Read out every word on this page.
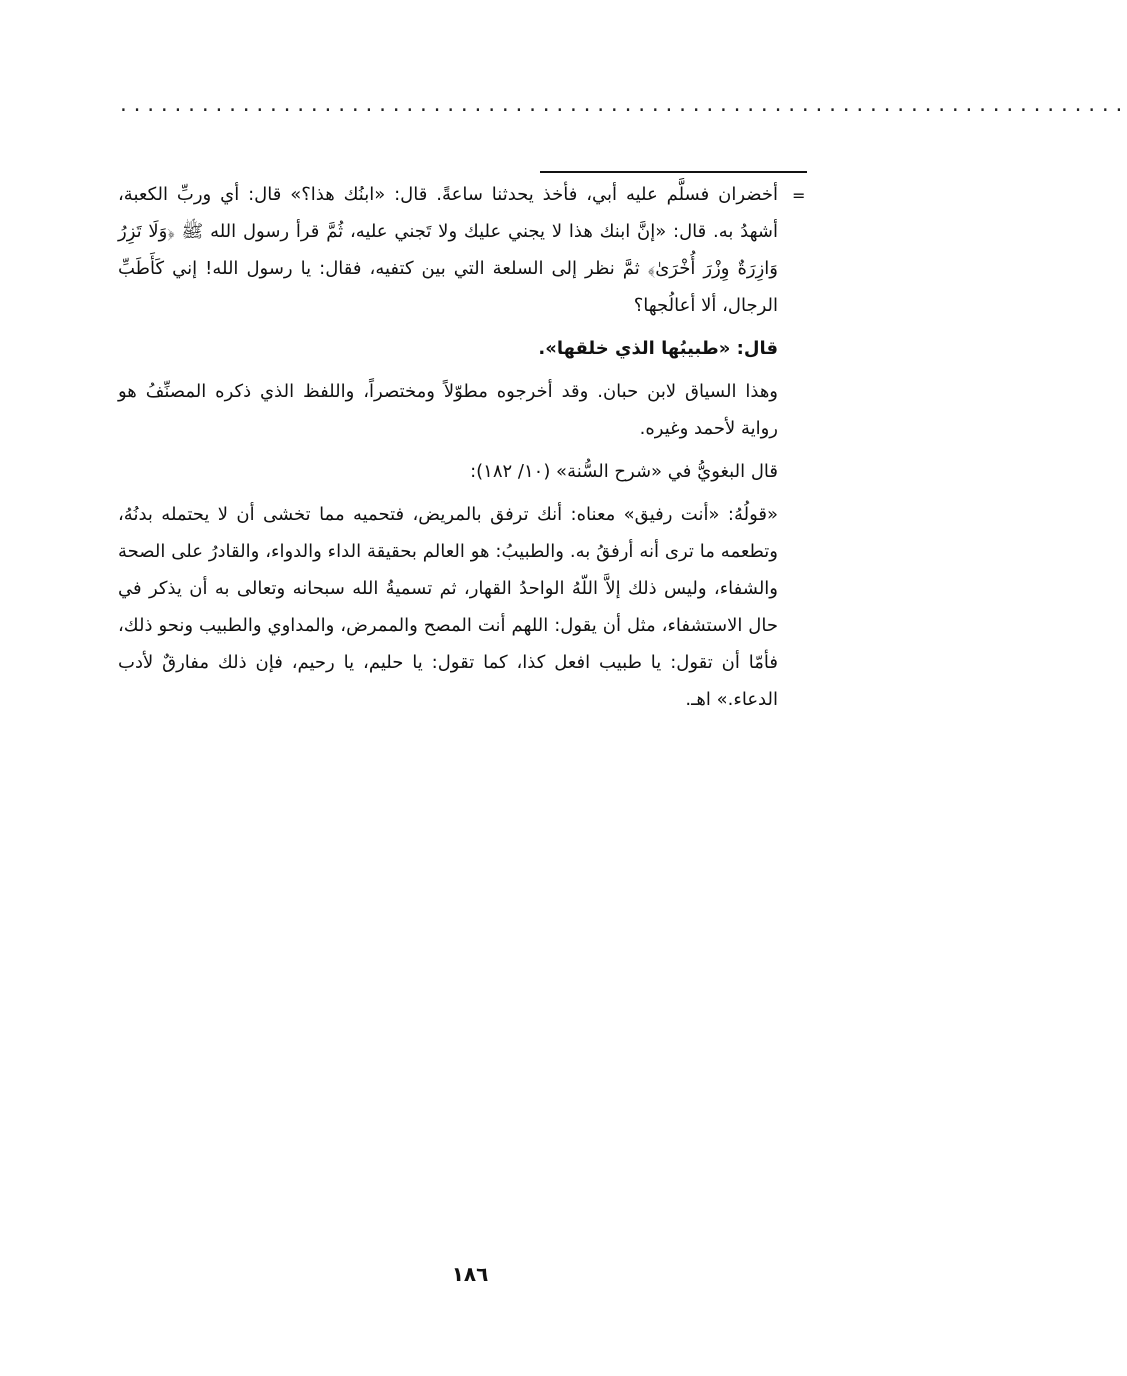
..........................................................................
=

أخضران فسلَّم عليه أبي، فأخذ يحدثنا ساعةً. قال: «ابنُك هذا؟» قال: أي وربِّ الكعبة، أشهدُ به. قال: «إنَّ ابنك هذا لا يجني عليك ولا تَجني عليه، ثُمَّ قرأ رسول الله ﷺ ﴿وَلَا تَزِرُ وَازِرَةٌ وِزْرَ أُخْرَىٰ﴾ ثمَّ نظر إلى السلعة التي بين كتفيه، فقال: يا رسول الله! إني كَأَطَبِّ الرجال، ألا أعالُجها؟

قال: «طبيبُها الذي خلقها».

وهذا السياق لابن حبان. وقد أخرجوه مطوّلاً ومختصراً، واللفظ الذي ذكره المصنِّفُ هو رواية لأحمد وغيره.

قال البغويُّ في «شرح السُّنة» (١٠/ ١٨٢):

«قولُهُ: «أنت رفيق» معناه: أنك ترفق بالمريض، فتحميه مما تخشى أن لا يحتمله بدنُهُ، وتطعمه ما ترى أنه أرفقُ به. والطبيبُ: هو العالم بحقيقة الداء والدواء، والقادرُ على الصحة والشفاء، وليس ذلك إلاَّ اللّهُ الواحدُ القهار، ثم تسميةُ الله سبحانه وتعالى به أن يذكر في حال الاستشفاء، مثل أن يقول: اللهم أنت المصح والممرض، والمداوي والطبيب ونحو ذلك، فأمّا أن تقول: يا طبيب افعل كذا، كما تقول: يا حليم، يا رحيم، فإن ذلك مفارقٌ لأدب الدعاء.» اهـ.

١٨٦
